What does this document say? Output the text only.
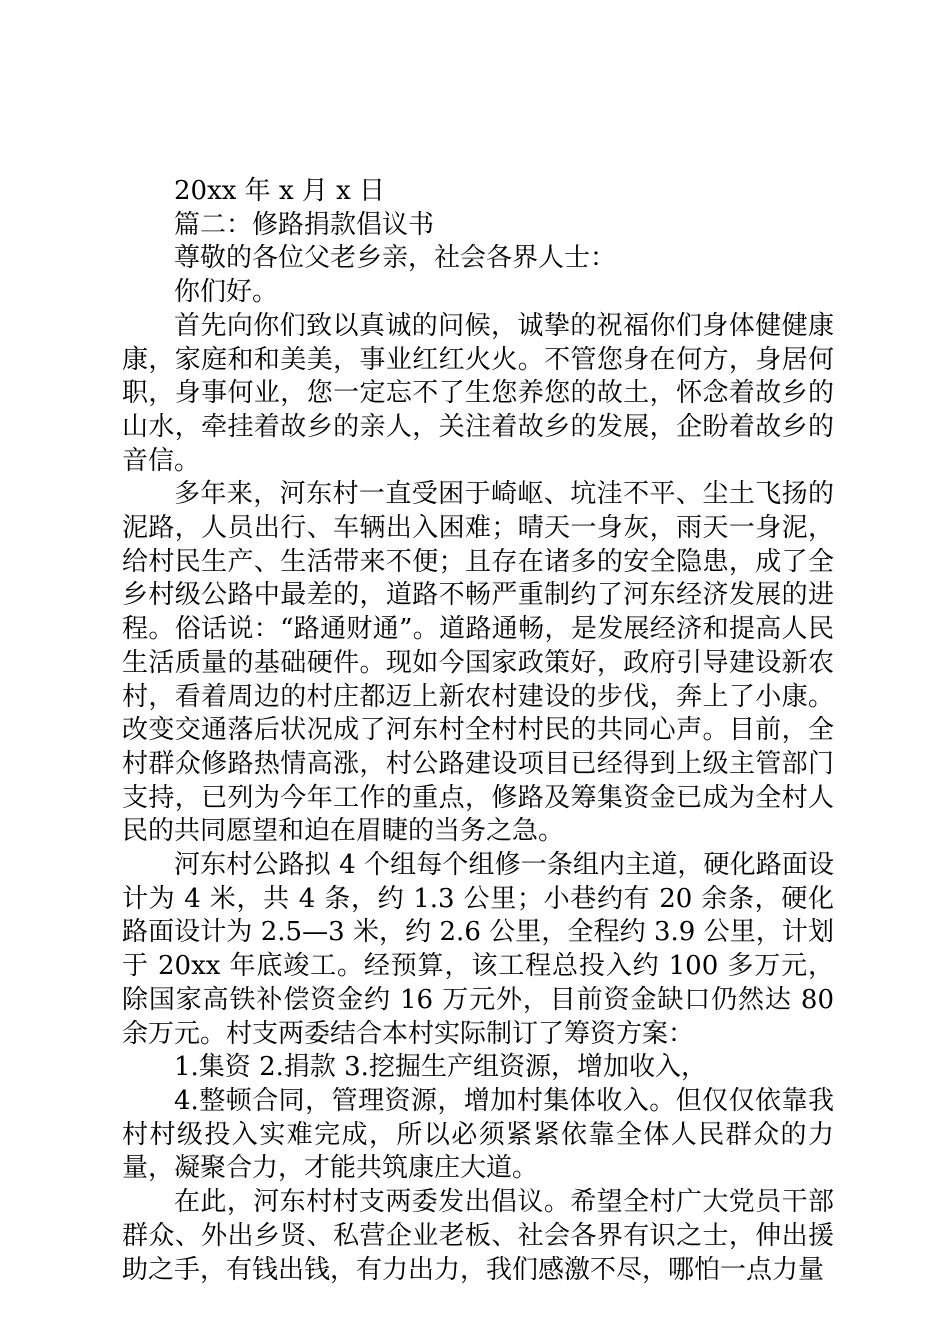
20xx 年 x 月 x 日

篇二：修路捐款倡议书

尊敬的各位父老乡亲，社会各界人士：

你们好。

首先向你们致以真诚的问候，诚挚的祝福你们身体健健康康，家庭和和美美，事业红红火火。不管您身在何方，身居何职，身事何业，您一定忘不了生您养您的故土，怀念着故乡的山水，牵挂着故乡的亲人，关注着故乡的发展，企盼着故乡的音信。

多年来，河东村一直受困于崎岖、坑洼不平、尘土飞扬的泥路，人员出行、车辆出入困难；晴天一身灰，雨天一身泥，给村民生产、生活带来不便；且存在诸多的安全隐患，成了全乡村级公路中最差的，道路不畅严重制约了河东经济发展的进程。俗话说：“路通财通”。道路通畅，是发展经济和提高人民生活质量的基础硬件。现如今国家政策好，政府引导建设新农村，看着周边的村庄都迈上新农村建设的步伐，奔上了小康。改变交通落后状况成了河东村全村村民的共同心声。目前，全村群众修路热情高涨，村公路建设项目已经得到上级主管部门支持，已列为今年工作的重点，修路及筹集资金已成为全村人民的共同愿望和迫在眉睫的当务之急。

河东村公路拟 4 个组每个组修一条组内主道，硬化路面设计为 4 米，共 4 条，约 1.3 公里；小巷约有 20 余条，硬化路面设计为 2.5—3 米，约 2.6 公里，全程约 3.9 公里，计划于 20xx 年底竣工。经预算，该工程总投入约 100 多万元，除国家高铁补偿资金约 16 万元外，目前资金缺口仍然达 80 余万元。村支两委结合本村实际制订了筹资方案：

1.集资 2.捐款 3.挖掘生产组资源，增加收入，

4.整顿合同，管理资源，增加村集体收入。但仅仅依靠我村村级投入实难完成，所以必须紧紧依靠全体人民群众的力量，凝聚合力，才能共筑康庄大道。

在此，河东村村支两委发出倡议。希望全村广大党员干部群众、外出乡贤、私营企业老板、社会各界有识之士，伸出援助之手，有钱出钱，有力出力，我们感激不尽，哪怕一点力量
